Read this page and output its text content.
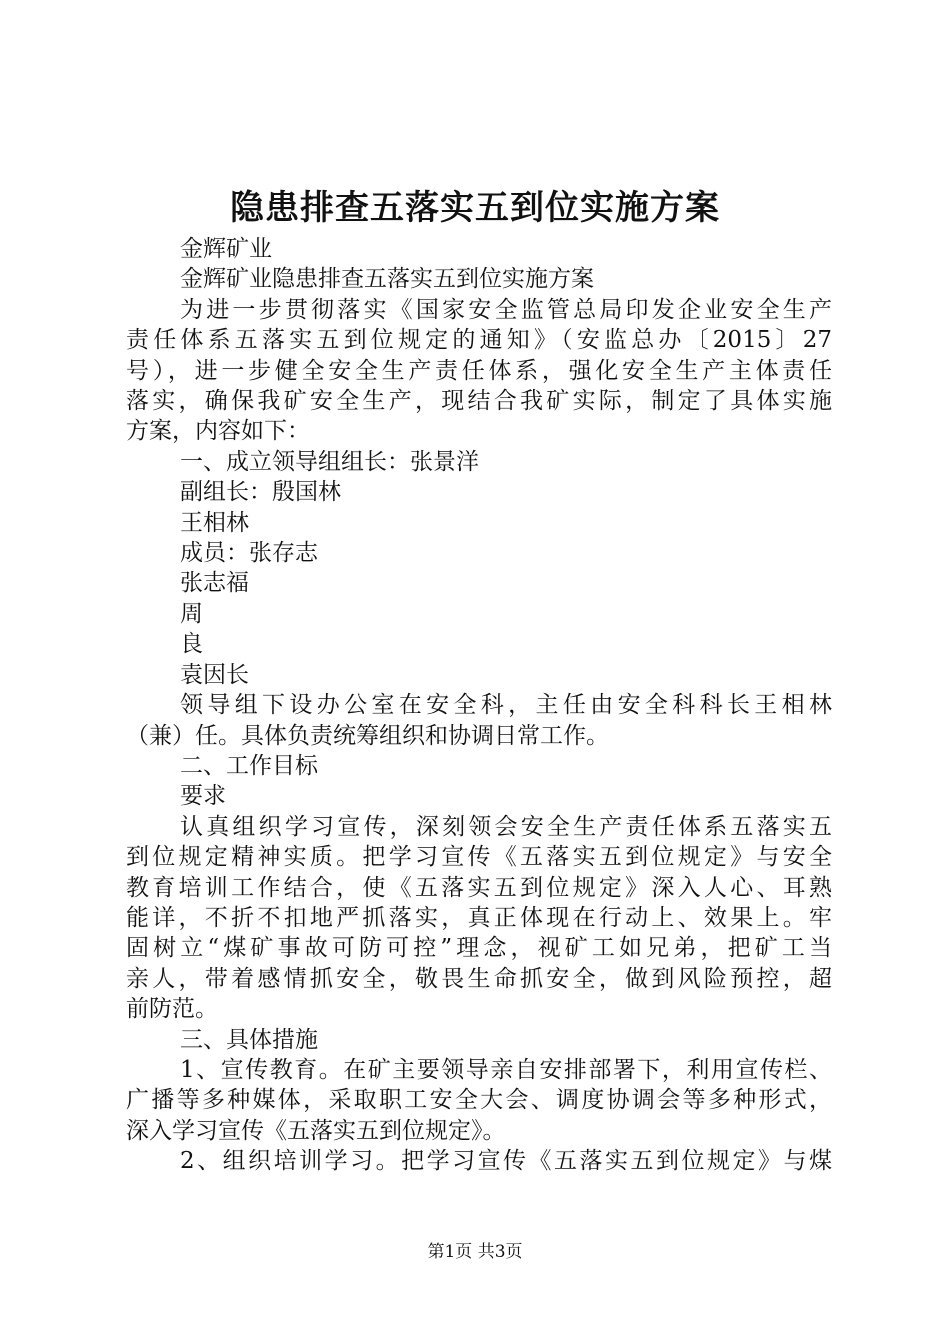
隐患排查五落实五到位实施方案

金辉矿业

金辉矿业隐患排查五落实五到位实施方案

为进一步贯彻落实《国家安全监管总局印发企业安全生产

责任体系五落实五到位规定的通知》（安监总办〔2015〕27

号），进一步健全安全生产责任体系，强化安全生产主体责任

落实，确保我矿安全生产，现结合我矿实际，制定了具体实施

方案，内容如下：

一、成立领导组组长：张景洋

副组长：殷国林

王相林

成员：张存志

张志福

周

良

袁因长

领导组下设办公室在安全科，主任由安全科科长王相林

（兼）任。具体负责统筹组织和协调日常工作。

二、工作目标

要求

认真组织学习宣传，深刻领会安全生产责任体系五落实五

到位规定精神实质。把学习宣传《五落实五到位规定》与安全

教育培训工作结合，使《五落实五到位规定》深入人心、耳熟

能详，不折不扣地严抓落实，真正体现在行动上、效果上。牢

固树立“煤矿事故可防可控”理念，视矿工如兄弟，把矿工当

亲人，带着感情抓安全，敬畏生命抓安全，做到风险预控，超

前防范。

三、具体措施

1、宣传教育。在矿主要领导亲自安排部署下，利用宣传栏、

广播等多种媒体，采取职工安全大会、调度协调会等多种形式，

深入学习宣传《五落实五到位规定》。

2、组织培训学习。把学习宣传《五落实五到位规定》与煤

第1页 共3页
